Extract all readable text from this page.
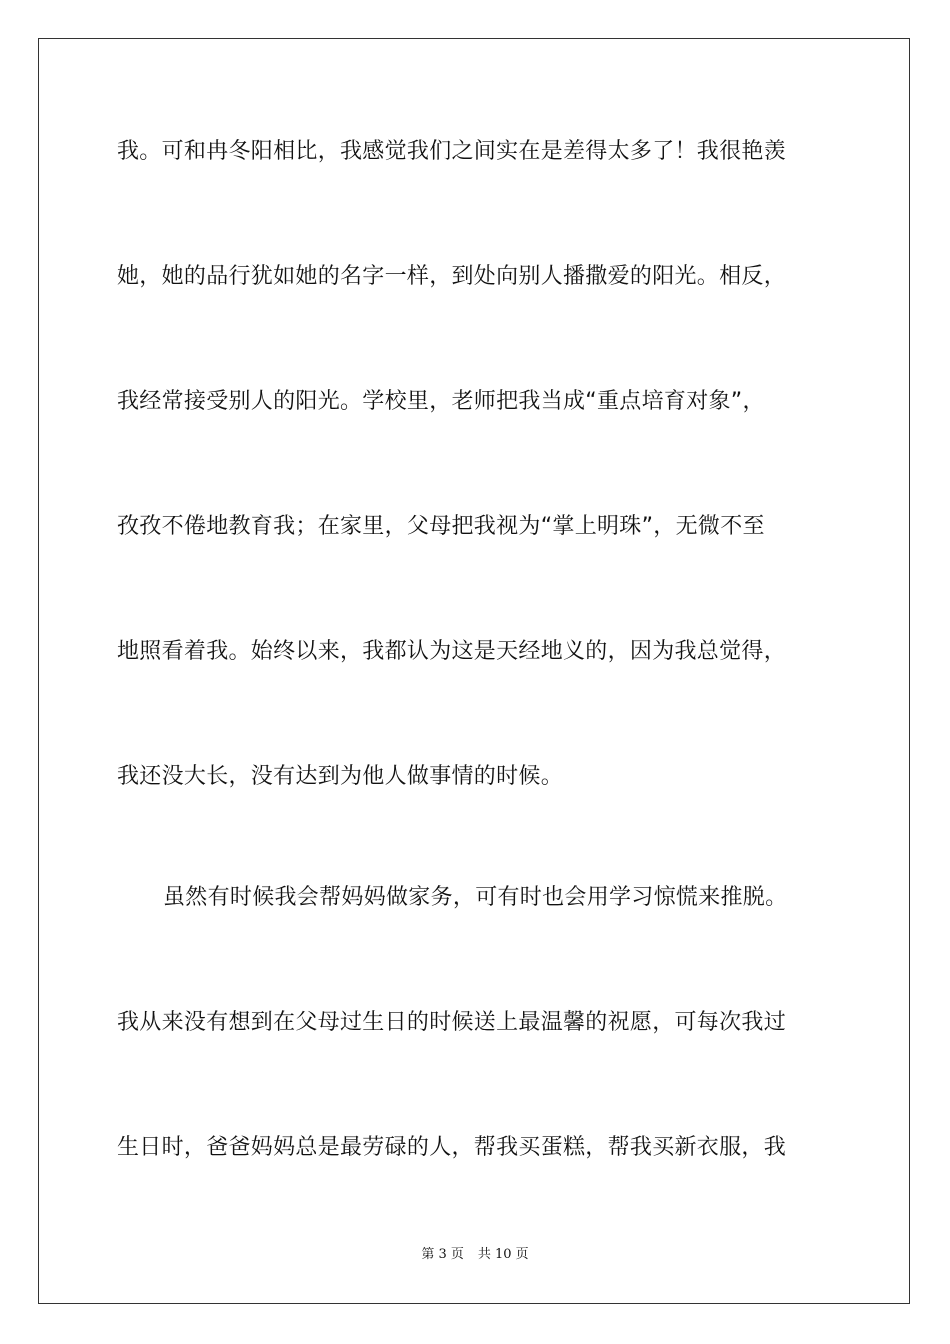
我。可和冉冬阳相比，我感觉我们之间实在是差得太多了！我很艳羡
她，她的品行犹如她的名字一样，到处向别人播撒爱的阳光。相反，
我经常接受别人的阳光。学校里，老师把我当成“重点培育对象”，
孜孜不倦地教育我；在家里，父母把我视为“掌上明珠”，无微不至
地照看着我。始终以来，我都认为这是天经地义的，因为我总觉得，
我还没大长，没有达到为他人做事情的时候。
虽然有时候我会帮妈妈做家务，可有时也会用学习惊慌来推脱。
我从来没有想到在父母过生日的时候送上最温馨的祝愿，可每次我过
生日时，爸爸妈妈总是最劳碌的人，帮我买蛋糕，帮我买新衣服，我
第 3 页 共 10 页
